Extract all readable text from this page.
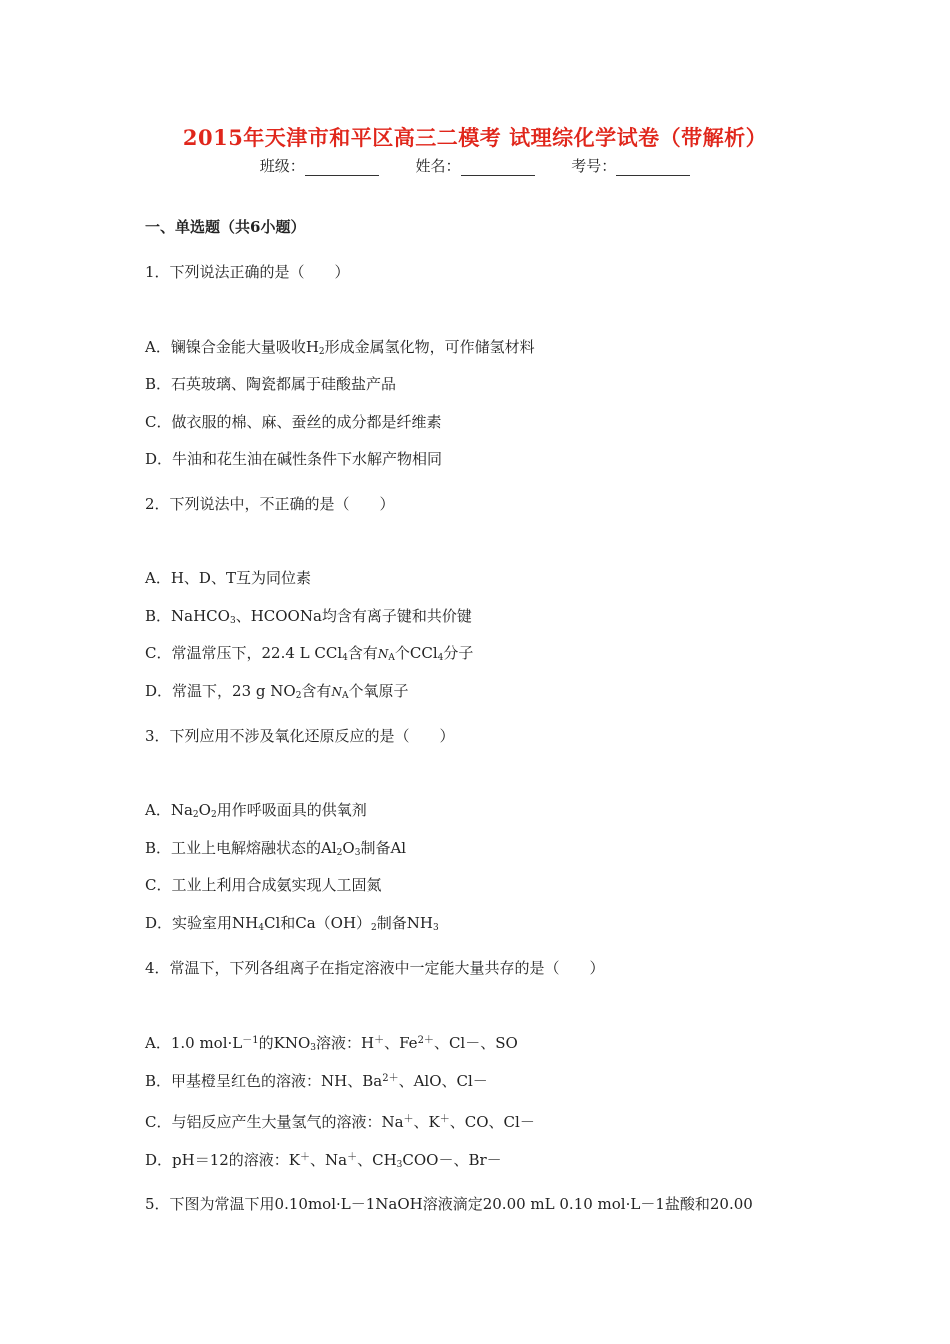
2015年天津市和平区高三二模考 试理综化学试卷（带解析）
班级：	姓名：	考号：
一、单选题（共6小题）
1．下列说法正确的是（　　）
A．镧镍合金能大量吸收$H_2$形成金属氢化物，可作储氢材料
B．石英玻璃、陶瓷都属于硅酸盐产品
C．做衣服的棉、麻、蚕丝的成分都是纤维素
D．牛油和花生油在碱性条件下水解产物相同
2．下列说法中，不正确的是（　　）
A．H、D、T互为同位素
B．NaHCO$_3$、HCOONa均含有离子键和共价键
C．常温常压下，22.4 L CCl$_4$含有$N_A$个CCl$_4$分子
D．常温下，23 g $NO_2$含有$N_A$个氧原子
3．下列应用不涉及氧化还原反应的是（　　）
A．$Na_2O_2$用作呼吸面具的供氧剂
B．工业上电解熔融状态的$Al_2O_3$制备Al
C．工业上利用合成氨实现人工固氮
D．实验室用$NH_4Cl$和$Ca(OH)_2$制备$NH_3$
4．常温下，下列各组离子在指定溶液中一定能大量共存的是（　　）
A．1.0 $mol\cdot L^{-1}$的$KNO_3$溶液：H＋、$Fe^{2+}$、Cl－、SO
B．甲基橙呈红色的溶液：NH、$Ba^{2+}$、AlO、Cl－
C．与铝反应产生大量氢气的溶液：Na＋、K＋、CO、Cl－
D．pH＝12的溶液：K＋、Na＋、$CH_3COO-$、Br－
5．下图为常温下用0.10mol·L－1NaOH溶液滴定20.00 mL 0.10 mol·L－1盐酸和20.00
